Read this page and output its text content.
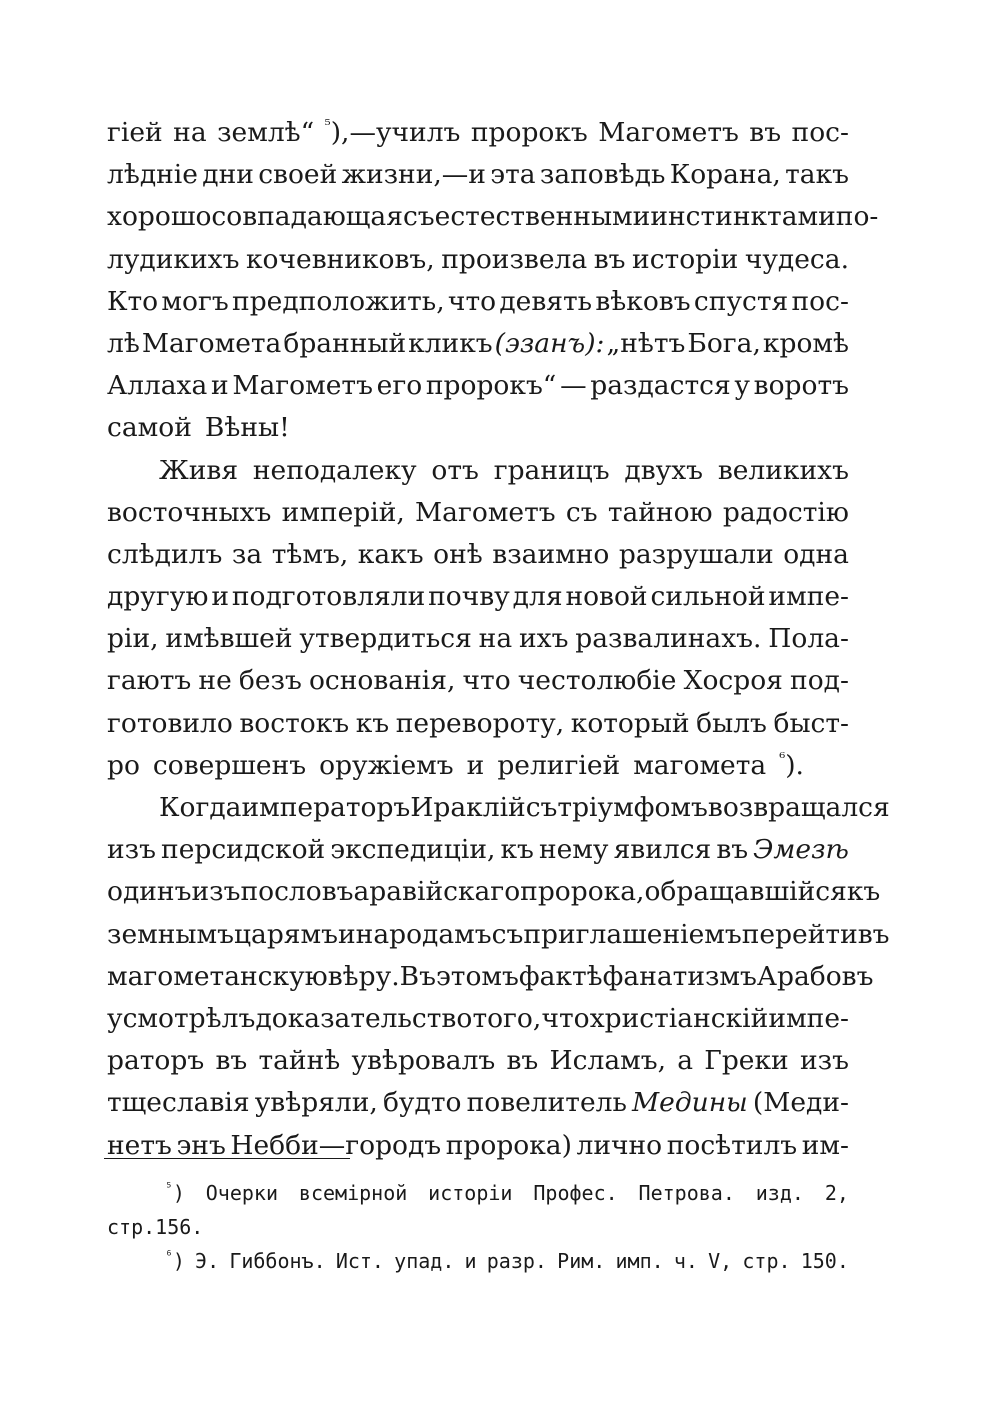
гіей на землѣ“ $^{^5}$),—училъ пророкъ Магометъ въ пос-
лѣдніе дни своей жизни,—и эта заповѣдь Корана, такъ
хорошо совпадающая съ естественными инстинктами по-
лудикихъ кочевниковъ, произвела въ исторіи чудеса.
Кто могъ предположить, что девять вѣковъ спустя пос-
лѣ Магомета бранный кликъ (эзанъ): „нѣтъ Бога, кромѣ
Аллаха и Магометъ его пророкъ“ — раздастся у воротъ
самой Вѣны!
Живя неподалеку отъ границъ двухъ великихъ
восточныхъ имперій, Магометъ съ тайною радостію
слѣдилъ за тѣмъ, какъ онѣ взаимно разрушали одна
другую и подготовляли почву для новой сильной импе-
ріи, имѣвшей утвердиться на ихъ развалинахъ. Пола-
гаютъ не безъ основанія, что честолюбіе Хосроя под-
готовило востокъ къ перевороту, который былъ быст-
ро совершенъ оружіемъ и религіей магомета $^{^6}$).
Когда императоръ Ираклій съ тріумфомъ возвращался
изъ персидской экспедиціи, къ нему явился въ Эмезѣ
одинъ изъ пословъ аравійскаго пророка, обращавшійся къ
земнымъ царямъ и народамъ съ приглашеніемъ перейти въ
магометанскую вѣру. Въ этомъ фактѣ фанатизмъ Арабовъ
усмотрѣлъ доказательство того, что христіанскій импе-
раторъ въ тайнѣ увѣровалъ въ Исламъ, а Греки изъ
тщеславія увѣряли, будто повелитель Медины (Меди-
нетъ энъ Небби—городъ пророка) лично посѣтилъ им-
$^{^5}$) Очерки всемірной исторіи Профес. Петрова. изд. 2,
стр. 156.
$^{^6}$) Э. Гиббонъ. Ист. упад. и разр. Рим. имп. ч. V, стр. 150.
